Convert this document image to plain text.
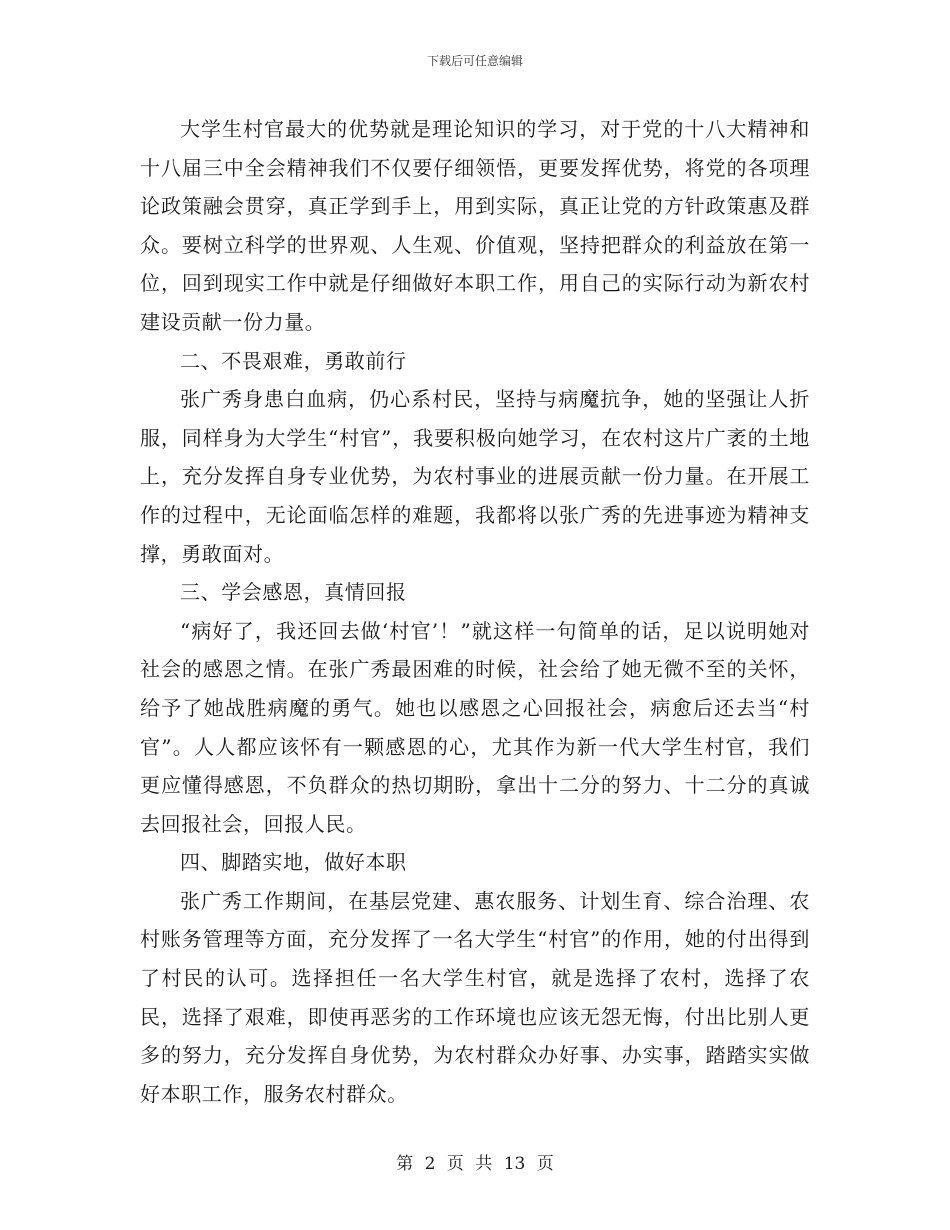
下载后可任意编辑

大学生村官最大的优势就是理论知识的学习，对于党的十八大精神和十八届三中全会精神我们不仅要仔细领悟，更要发挥优势，将党的各项理论政策融会贯穿，真正学到手上，用到实际，真正让党的方针政策惠及群众。要树立科学的世界观、人生观、价值观，坚持把群众的利益放在第一位，回到现实工作中就是仔细做好本职工作，用自己的实际行动为新农村建设贡献一份力量。

二、不畏艰难，勇敢前行

张广秀身患白血病，仍心系村民，坚持与病魔抗争，她的坚强让人折服，同样身为大学生“村官”，我要积极向她学习，在农村这片广袤的土地上，充分发挥自身专业优势，为农村事业的进展贡献一份力量。在开展工作的过程中，无论面临怎样的难题，我都将以张广秀的先进事迹为精神支撑，勇敢面对。

三、学会感恩，真情回报

“病好了，我还回去做‘村官’！”就这样一句简单的话，足以说明她对社会的感恩之情。在张广秀最困难的时候，社会给了她无微不至的关怀，给予了她战胜病魔的勇气。她也以感恩之心回报社会，病愈后还去当“村官”。人人都应该怀有一颗感恩的心，尤其作为新一代大学生村官，我们更应懂得感恩，不负群众的热切期盼，拿出十二分的努力、十二分的真诚去回报社会，回报人民。

四、脚踏实地，做好本职

张广秀工作期间，在基层党建、惠农服务、计划生育、综合治理、农村账务管理等方面，充分发挥了一名大学生“村官”的作用，她的付出得到了村民的认可。选择担任一名大学生村官，就是选择了农村，选择了农民，选择了艰难，即使再恶劣的工作环境也应该无怨无悔，付出比别人更多的努力，充分发挥自身优势，为农村群众办好事、办实事，踏踏实实做好本职工作，服务农村群众。

第 2 页 共 13 页
